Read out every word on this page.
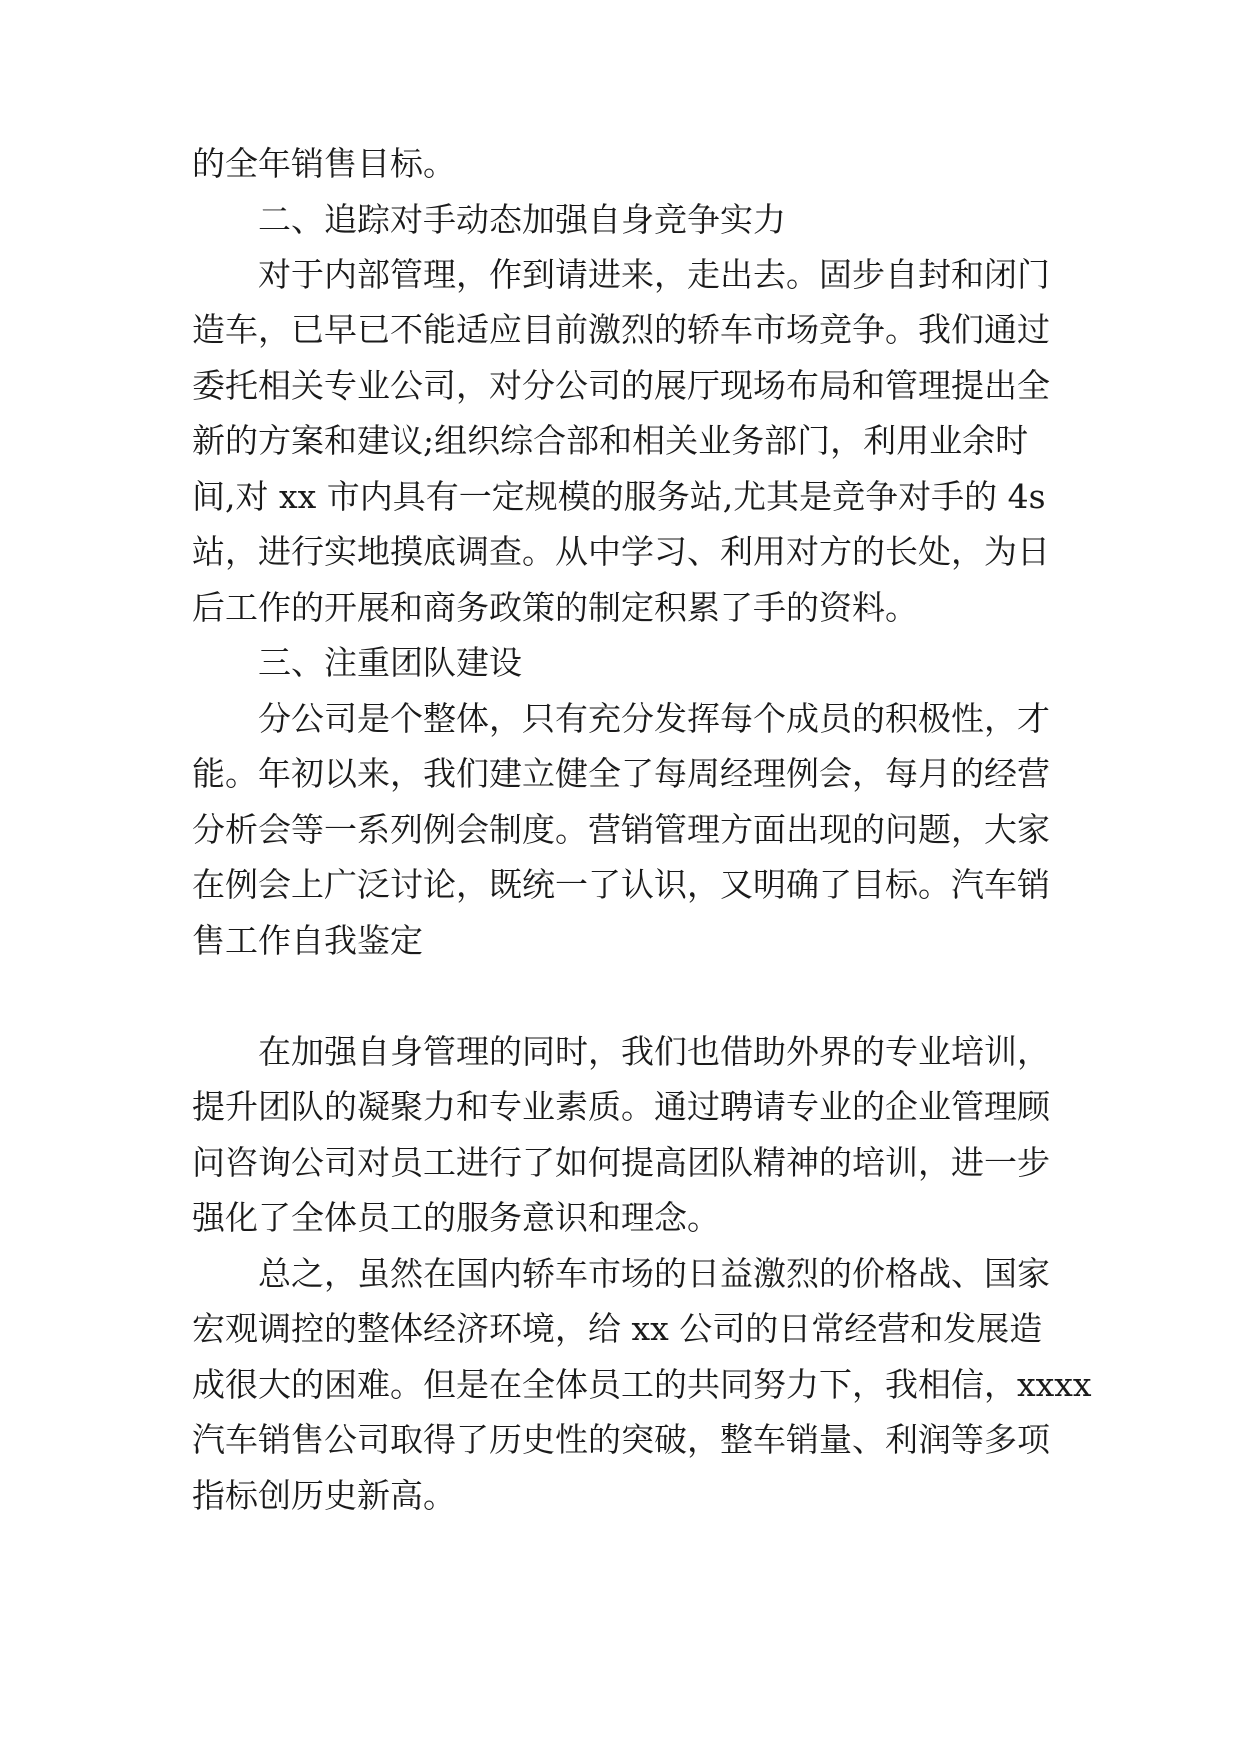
的全年销售目标。

二、追踪对手动态加强自身竞争实力

对于内部管理，作到请进来，走出去。固步自封和闭门

造车，已早已不能适应目前激烈的轿车市场竞争。我们通过

委托相关专业公司，对分公司的展厅现场布局和管理提出全

新的方案和建议;组织综合部和相关业务部门，利用业余时

间,对 xx 市内具有一定规模的服务站,尤其是竞争对手的 4s

站，进行实地摸底调查。从中学习、利用对方的长处，为日

后工作的开展和商务政策的制定积累了手的资料。

三、注重团队建设

分公司是个整体，只有充分发挥每个成员的积极性，才

能。年初以来，我们建立健全了每周经理例会，每月的经营

分析会等一系列例会制度。营销管理方面出现的问题，大家

在例会上广泛讨论，既统一了认识，又明确了目标。汽车销

售工作自我鉴定

在加强自身管理的同时，我们也借助外界的专业培训，

提升团队的凝聚力和专业素质。通过聘请专业的企业管理顾

问咨询公司对员工进行了如何提高团队精神的培训，进一步

强化了全体员工的服务意识和理念。

总之，虽然在国内轿车市场的日益激烈的价格战、国家

宏观调控的整体经济环境，给 xx 公司的日常经营和发展造

成很大的困难。但是在全体员工的共同努力下，我相信，xxxx

汽车销售公司取得了历史性的突破，整车销量、利润等多项

指标创历史新高。
